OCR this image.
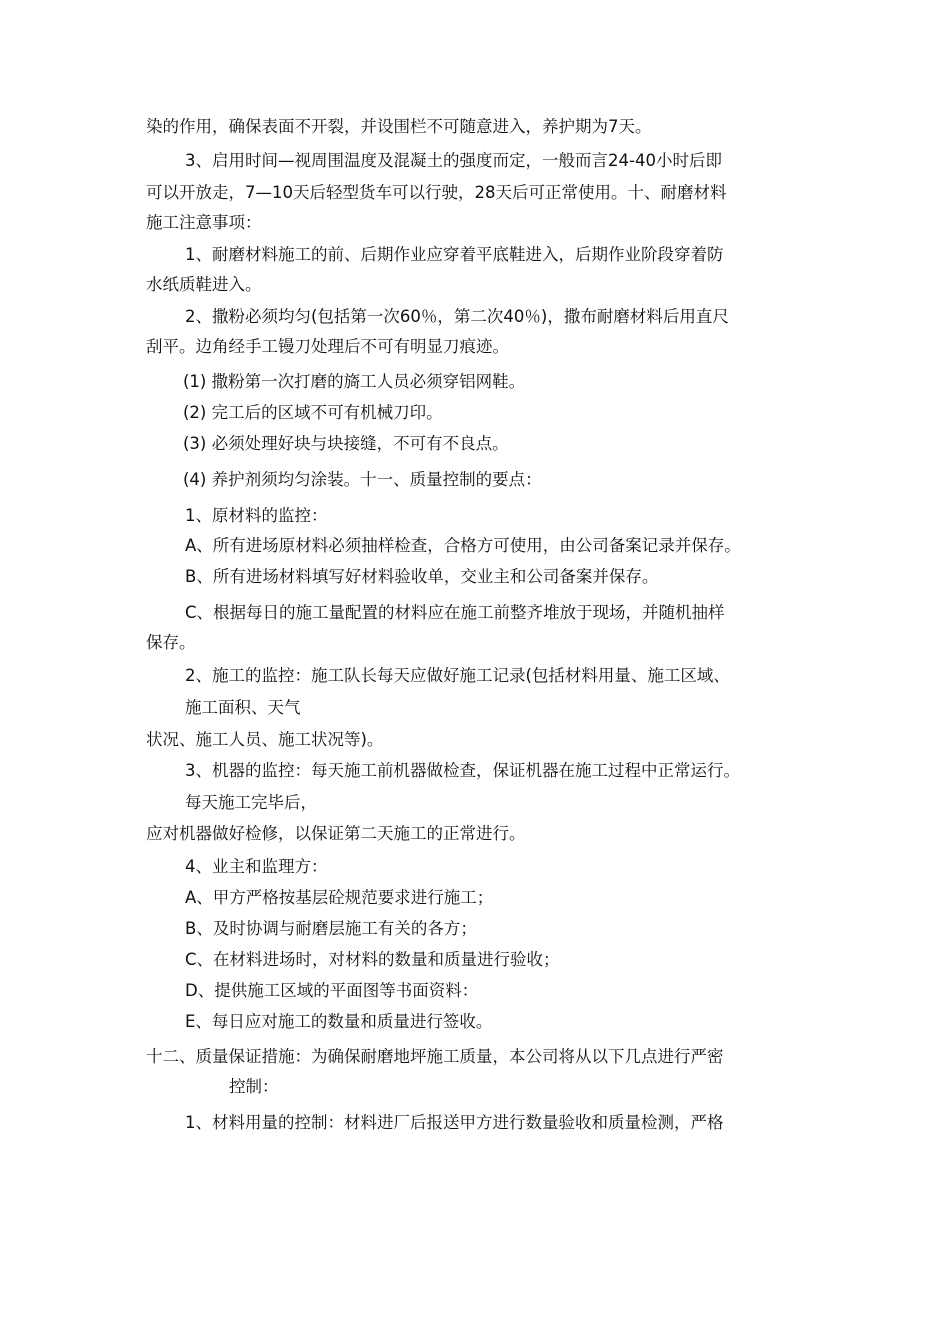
染的作用，确保表面不开裂，并设围栏不可随意进入，养护期为7天。
3、启用时间—视周围温度及混凝土的强度而定，一般而言24-40小时后即
可以开放走，7—10天后轻型货车可以行驶，28天后可正常使用。十、耐磨材料
施工注意事项：
1、耐磨材料施工的前、后期作业应穿着平底鞋进入，后期作业阶段穿着防
水纸质鞋进入。
2、撒粉必须均匀(包括第一次60％，第二次40％)，撒布耐磨材料后用直尺
刮平。边角经手工镘刀处理后不可有明显刀痕迹。
(1) 撒粉第一次打磨的旖工人员必须穿铝网鞋。
(2) 完工后的区域不可有机械刀印。
(3) 必须处理好块与块接缝，不可有不良点。
(4) 养护剂须均匀涂装。十一、质量控制的要点：
1、原材料的监控：
A、所有进场原材料必须抽样检查，合格方可使用，由公司备案记录并保存。
B、所有进场材料填写好材料验收单，交业主和公司备案并保存。
C、根据每日的施工量配置的材料应在施工前整齐堆放于现场，并随机抽样
保存。
2、施工的监控：施工队长每天应做好施工记录(包括材料用量、施工区域、
施工面积、天气
状况、施工人员、施工状况等)。
3、机器的监控：每天施工前机器做检查，保证机器在施工过程中正常运行。
每天施工完毕后，
应对机器做好检修，以保证第二天施工的正常进行。
4、业主和监理方：
A、甲方严格按基层砼规范要求进行施工；
B、及时协调与耐磨层施工有关的各方；
C、在材料进场时，对材料的数量和质量进行验收；
D、提供施工区域的平面图等书面资料：
E、每日应对施工的数量和质量进行签收。
十二、质量保证措施：为确保耐磨地坪施工质量，本公司将从以下几点进行严密
控制：
1、材料用量的控制：材料进厂后报送甲方进行数量验收和质量检测，严格
